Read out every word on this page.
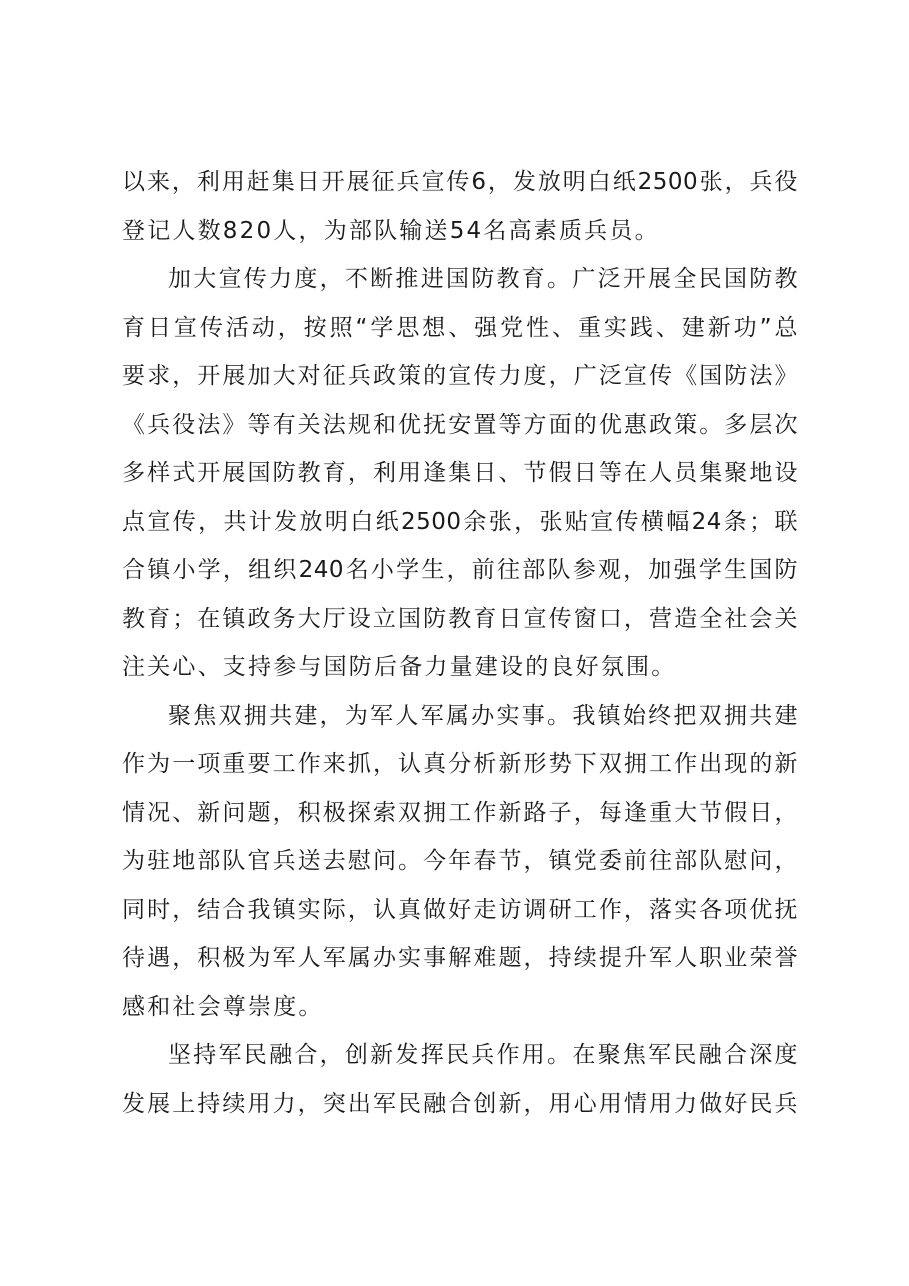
以来，利用赶集日开展征兵宣传6，发放明白纸2500张，兵役
登记人数820人，为部队输送54名高素质兵员。
加大宣传力度，不断推进国防教育。广泛开展全民国防教
育日宣传活动，按照“学思想、强党性、重实践、建新功”总
要求，开展加大对征兵政策的宣传力度，广泛宣传《国防法》
《兵役法》等有关法规和优抚安置等方面的优惠政策。多层次
多样式开展国防教育，利用逢集日、节假日等在人员集聚地设
点宣传，共计发放明白纸2500余张，张贴宣传横幅24条；联
合镇小学，组织240名小学生，前往部队参观，加强学生国防
教育；在镇政务大厅设立国防教育日宣传窗口，营造全社会关
注关心、支持参与国防后备力量建设的良好氛围。
聚焦双拥共建，为军人军属办实事。我镇始终把双拥共建
作为一项重要工作来抓，认真分析新形势下双拥工作出现的新
情况、新问题，积极探索双拥工作新路子，每逢重大节假日，
为驻地部队官兵送去慰问。今年春节，镇党委前往部队慰问，
同时，结合我镇实际，认真做好走访调研工作，落实各项优抚
待遇，积极为军人军属办实事解难题，持续提升军人职业荣誉
感和社会尊崇度。
坚持军民融合，创新发挥民兵作用。在聚焦军民融合深度
发展上持续用力，突出军民融合创新，用心用情用力做好民兵
